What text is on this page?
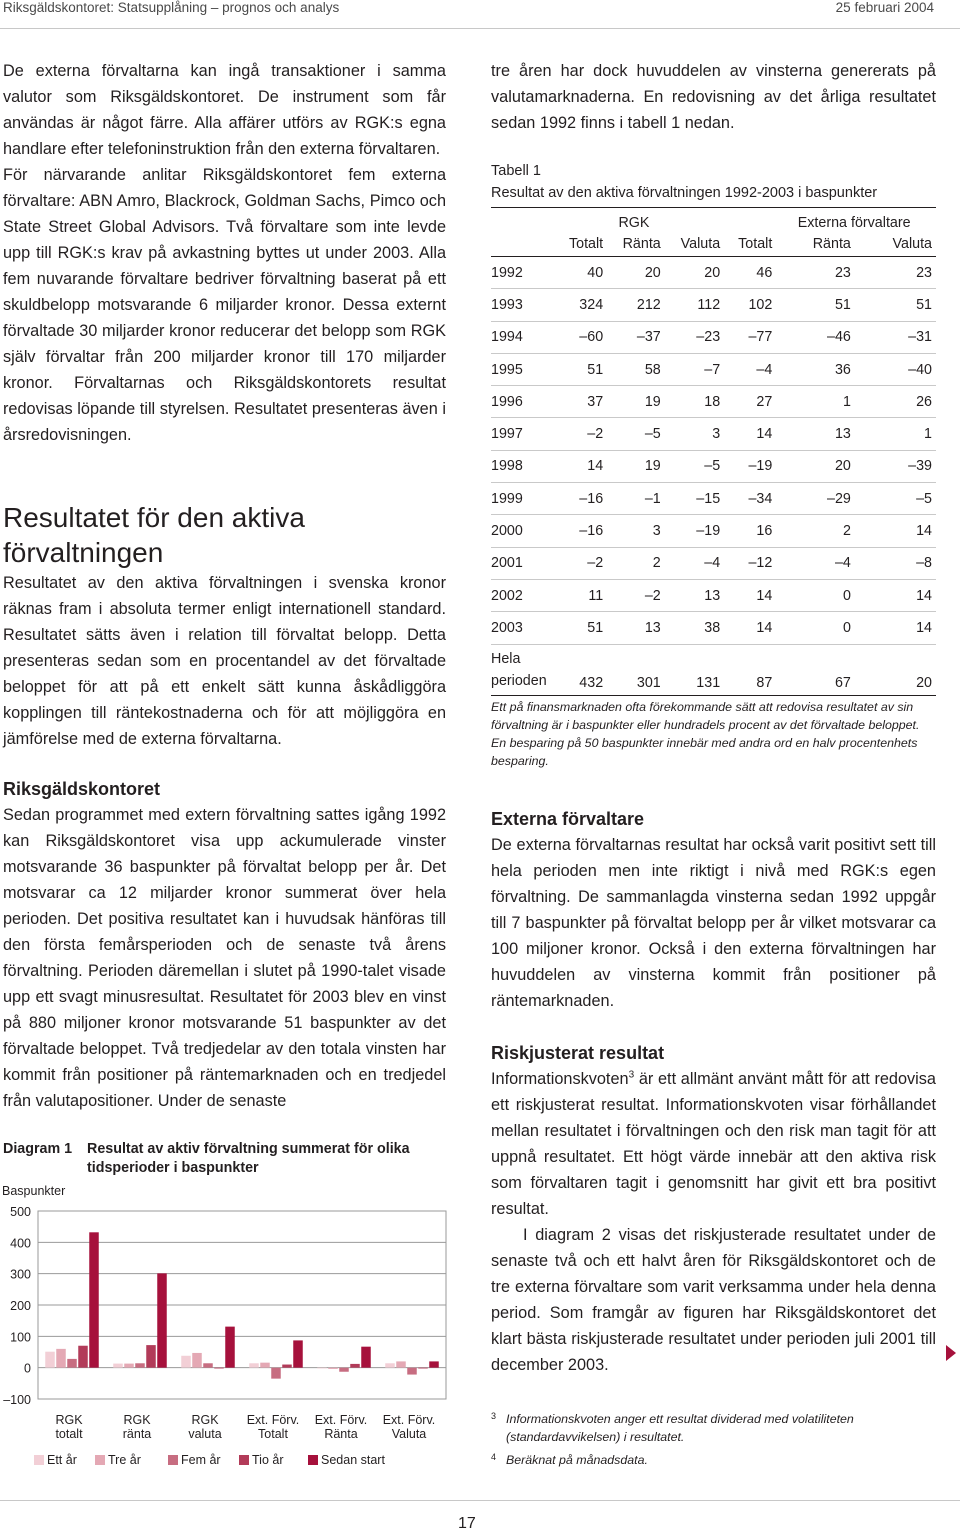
Riksgäldskontoret: Statsupplåning – prognos och analys	25 februari 2004

De externa förvaltarna kan ingå transaktioner i samma valutor som Riksgäldskontoret. De instrument som får användas är något färre. Alla affärer utförs av RGK:s egna handlare efter telefoninstruktion från den externa förvaltaren.

För närvarande anlitar Riksgäldskontoret fem externa förvaltare: ABN Amro, Blackrock, Goldman Sachs, Pimco och State Street Global Advisors. Två förvaltare som inte levde upp till RGK:s krav på avkastning byttes ut under 2003. Alla fem nuvarande förvaltare bedriver förvaltning baserat på ett skuldbelopp motsvarande 6 miljarder kronor. Dessa externt förvaltade 30 miljarder kronor reducerar det belopp som RGK själv förvaltar från 200 miljarder kronor till 170 miljarder kronor. Förvaltarnas och Riksgäldskontorets resultat redovisas löpande till styrelsen. Resultatet presenteras även i årsredovisningen.

Resultatet för den aktiva förvaltningen

Resultatet av den aktiva förvaltningen i svenska kronor räknas fram i absoluta termer enligt internationell standard. Resultatet sätts även i relation till förvaltat belopp. Detta presenteras sedan som en procentandel av det förvaltade beloppet för att på ett enkelt sätt kunna åskådliggöra kopplingen till räntekostnaderna och för att möjliggöra en jämförelse med de externa förvaltarna.

Riksgäldskontoret

Sedan programmet med extern förvaltning sattes igång 1992 kan Riksgäldskontoret visa upp ackumulerade vinster motsvarande 36 baspunkter på förvaltat belopp per år. Det motsvarar ca 12 miljarder kronor summerat över hela perioden. Det positiva resultatet kan i huvudsak hänföras till den första femårsperioden och de senaste två årens förvaltning. Perioden däremellan i slutet på 1990-talet visade upp ett svagt minusresultat. Resultatet för 2003 blev en vinst på 880 miljoner kronor motsvarande 51 baspunkter av det förvaltade beloppet. Två tredjedelar av den totala vinsten har kommit från positioner på räntemarknaden och en tredjedel från valutapositioner. Under de senaste

Diagram 1 Resultat av aktiv förvaltning summerat för olika tidsperioder i baspunkter
500
400
300
200
100
0
–100
Baspunkter
RGK
totalt
RGK
ränta
RGK
valuta
Ext. Förv.
Totalt
Ext. Förv.
Ränta
Ext. Förv.
Valuta
Ett år Tre år	Fem år	Tio år	Sedan start

tre åren har dock huvuddelen av vinsterna genererats på valutamarknaderna. En redovisning av det årliga resultatet sedan 1992 finns i tabell 1 nedan.

Tabell 1
Resultat av den aktiva förvaltningen 1992-2003 i baspunkter
		RGK			Externa förvaltare	
	Totalt	Ränta	Valuta	Totalt	Ränta	Valuta
1992	40	20	20	46	23	23
1993	324	212	112	102	51	51
1994	–60	–37	–23	–77	–46	–31
1995	51	58	–7	–4	36	–40
1996	37	19	18	27	1	26
1997	–2	–5	3	14	13	1
1998	14	19	–5	–19	20	–39
1999	–16	–1	–15	–34	–29	–5
2000	–16	3	–19	16	2	14
2001	–2	2	–4	–12	–4	–8
2002	11	–2	13	14	0	14
2003	51	13	38	14	0	14

Hela
perioden	432	301	131	87	67	20
Ett på finansmarknaden ofta förekommande sätt att redovisa resultatet av sin förvaltning är i baspunkter eller hundradels procent av det förvaltade beloppet. En besparing på 50 baspunkter innebär med andra ord en halv procentenhets besparing.
Externa förvaltare

De externa förvaltarnas resultat har också varit positivt sett till hela perioden men inte riktigt i nivå med RGK:s egen förvaltning. De sammanlagda vinsterna sedan 1992 uppgår till 7 baspunkter på förvaltat belopp per år vilket motsvarar ca 100 miljoner kronor. Också i den externa förvaltningen har huvuddelen av vinsterna kommit från positioner på räntemarknaden.

Riskjusterat resultat

Informationskvoten$^3$ är ett allmänt använt mått för att redovisa ett riskjusterat resultat. Informationskvoten visar förhållandet mellan resultatet i förvaltningen och den risk man tagit för att uppnå resultatet. Ett högt värde innebär att den aktiva risk som förvaltaren tagit i genomsnitt har givit ett bra positivt resultat.

I diagram 2 visas det riskjusterade resultatet under de senaste två och ett halvt åren för Riksgäldskontoret och de tre externa förvaltare som varit verksamma under hela denna period. Som framgår av figuren har Riksgäldskontoret det klart bästa riskjusterade resultatet under perioden juli 2001 till december 2003.

3 Informationskvoten anger ett resultat dividerad med volatiliteten (standardavvikelsen) i resultatet.
4 Beräknat på månadsdata.
17
